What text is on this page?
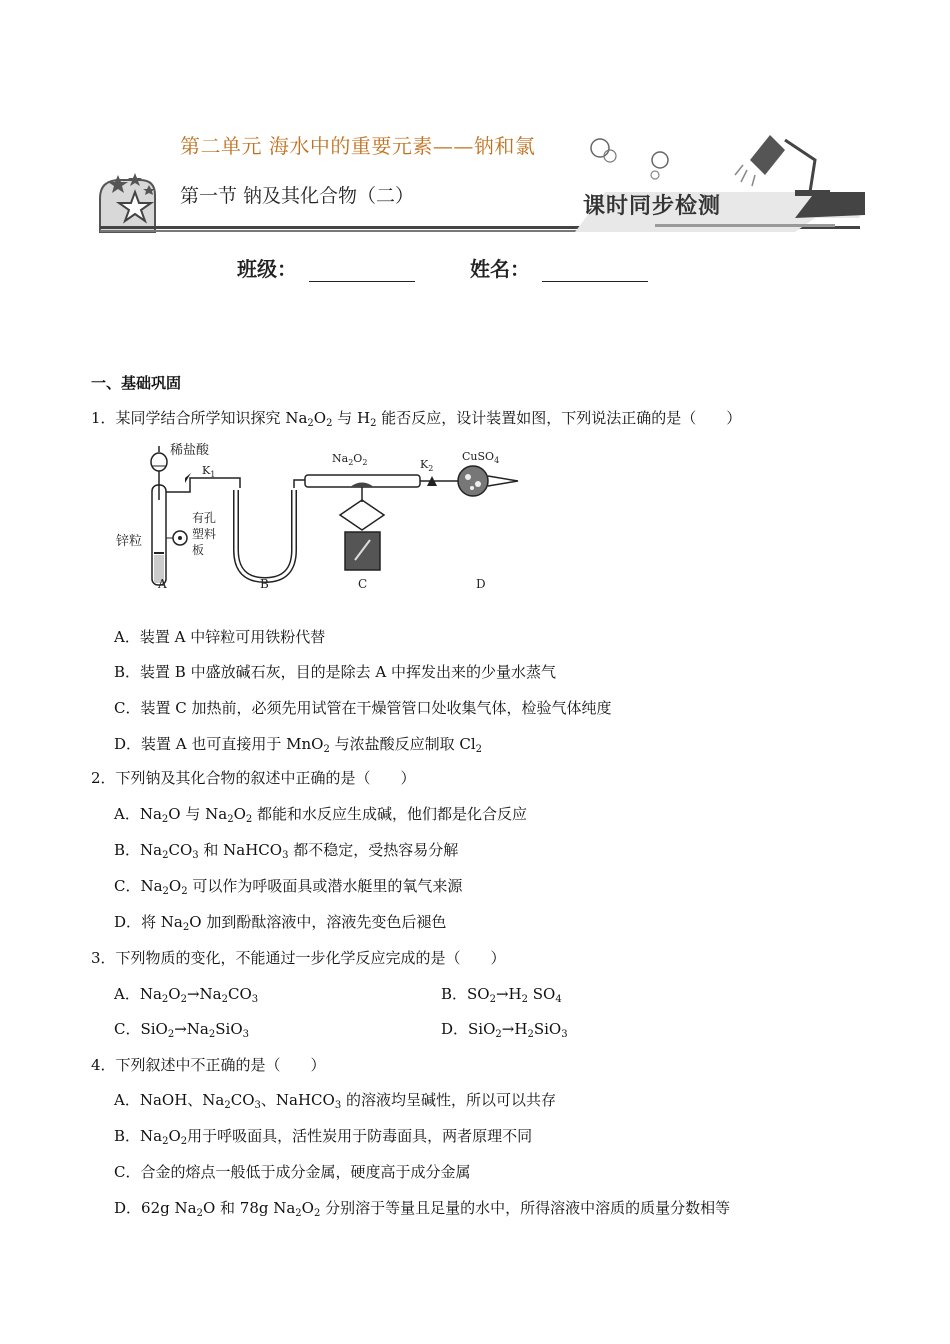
第二单元 海水中的重要元素——钠和氯
第一节 钠及其化合物（二）	课时同步检测
班级：	姓名：
一、基础巩固
1．某同学结合所学知识探究 $Na_2O_2$ 与 $H_2$ 能否反应，设计装置如图，下列说法正确的是（　　）
稀盐酸
$K_1$
锌粒
有孔
塑料
板
$Na_2O_2$	$K_2$
CuSO$_4$
A	B	C	D
A．装置 A 中锌粒可用铁粉代替
B．装置 B 中盛放碱石灰，目的是除去 A 中挥发出来的少量水蒸气
C．装置 C 加热前，必须先用试管在干燥管管口处收集气体，检验气体纯度
D．装置 A 也可直接用于 MnO$_2$ 与浓盐酸反应制取 $Cl_2$
2．下列钠及其化合物的叙述中正确的是（　　）
A．$Na_2O$ 与 $Na_2O_2$ 都能和水反应生成碱，他们都是化合反应
B．$Na_2CO_3$ 和 NaHCO$_3$ 都不稳定，受热容易分解
C．$Na_2O_2$ 可以作为呼吸面具或潜水艇里的氧气来源
D．将 $Na_2O$ 加到酚酞溶液中，溶液先变色后褪色
3．下列物质的变化，不能通过一步化学反应完成的是（　　）
A．$Na_2O_2\to Na_2CO_3$	B．$SO_2\to H_2$ $SO_4$
C．$SiO_2\to Na_2SiO_3$	D．$SiO_2\to H_2SiO_3$
4．下列叙述中不正确的是（　　）
A．NaOH、$Na_2CO_3$、NaHCO$_3$ 的溶液均呈碱性，所以可以共存
B．$Na_2O_2$用于呼吸面具，活性炭用于防毒面具，两者原理不同
C．合金的熔点一般低于成分金属，硬度高于成分金属
D．62g $Na_2O$ 和 78g $Na_2O_2$ 分别溶于等量且足量的水中，所得溶液中溶质的质量分数相等
